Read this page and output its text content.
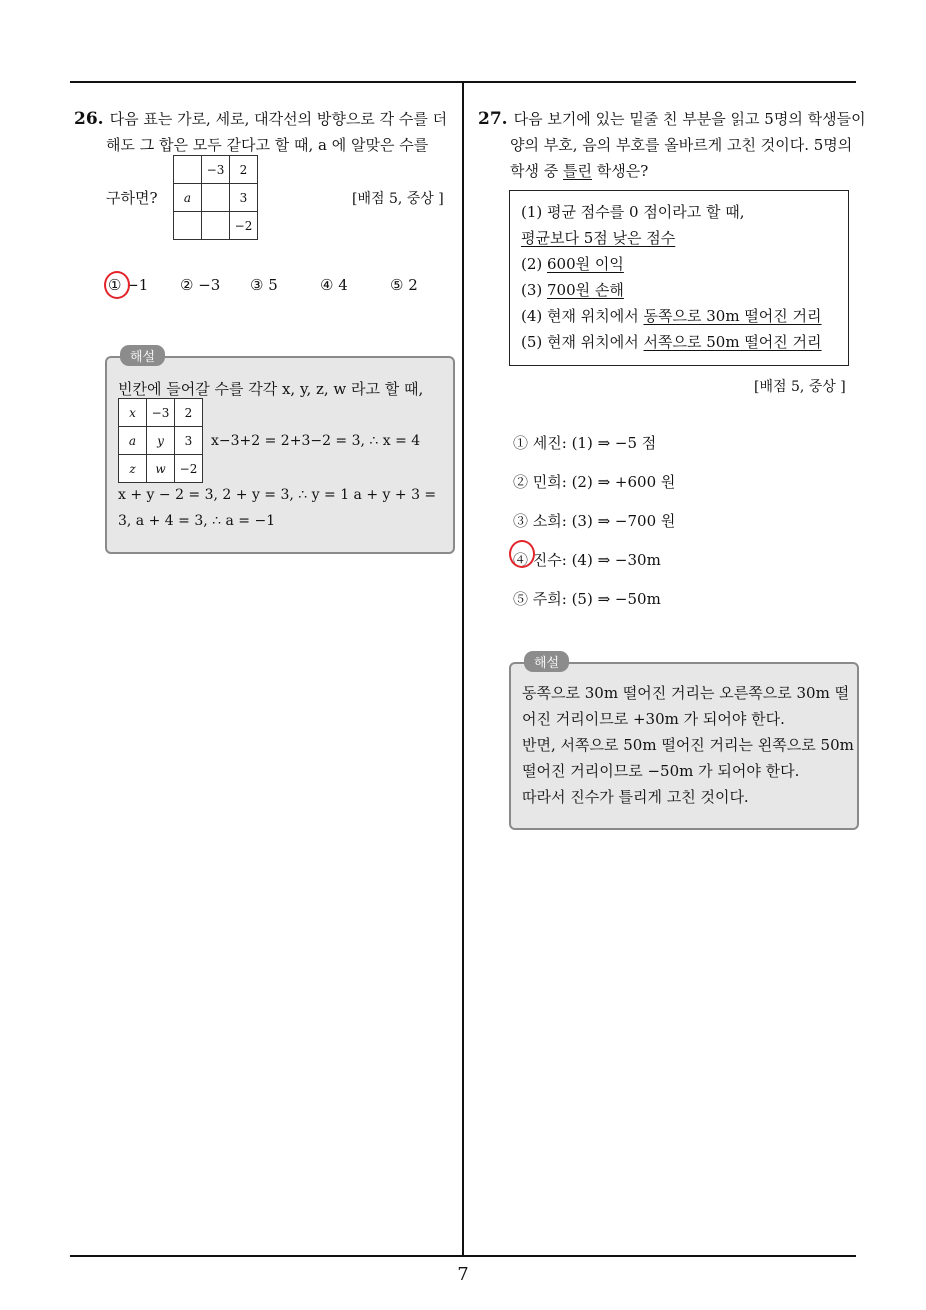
7
26. 다음 표는 가로, 세로, 대각선의 방향으로 각 수를 더
해도 그 합은 모두 같다고 할 때, a 에 알맞은 수를
	−3	2
a		3
		−2
구하면?	[배점 5, 중상 ]
① −1 ② −3 ③ 5	④ 4	⑤ 2
해설
빈칸에 들어갈 수를 각각 x, y, z, w 라고 할 때,
x	−3	2
a	y	3
z	w	−2
x−3+2 = 2+3−2 = 3, ∴ x = 4
x + y − 2 = 3, 2 + y = 3, ∴ y = 1 a + y + 3 =
3, a + 4 = 3, ∴ a = −1
27. 다음 보기에 있는 밑줄 친 부분을 읽고 5명의 학생들이
양의 부호, 음의 부호를 올바르게 고친 것이다. 5명의
학생 중 틀린 학생은?
(1) 평균 점수를 0 점이라고 할 때,
평균보다 5점 낮은 점수
(2) 600원 이익
(3) 700원 손해
(4) 현재 위치에서 동쪽으로 30m 떨어진 거리
(5) 현재 위치에서 서쪽으로 50m 떨어진 거리
[배점 5, 중상 ]
① 세진: (1) ⇒ −5 점
② 민희: (2) ⇒ +600 원
③ 소희: (3) ⇒ −700 원
④ 진수: (4) ⇒ −30m
⑤ 주희: (5) ⇒ −50m
해설
동쪽으로 30m 떨어진 거리는 오른쪽으로 30m 떨
어진 거리이므로 +30m 가 되어야 한다.
반면, 서쪽으로 50m 떨어진 거리는 왼쪽으로 50m
떨어진 거리이므로 −50m 가 되어야 한다.
따라서 진수가 틀리게 고친 것이다.
